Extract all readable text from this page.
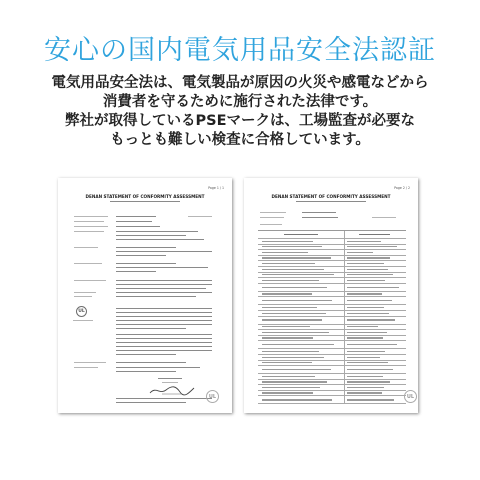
安心の国内電気用品安全法認証
電気用品安全法は、電気製品が原因の火災や感電などから
消費者を守るために施行された法律です。
弊社が取得しているPSEマークは、工場監査が必要な
もっとも難しい検査に合格しています。
Page 1 / 1
DENAN STATEMENT OF CONFORMITY ASSESSMENT
UL
UL
Page 2 / 2
DENAN STATEMENT OF CONFORMITY ASSESSMENT
UL
